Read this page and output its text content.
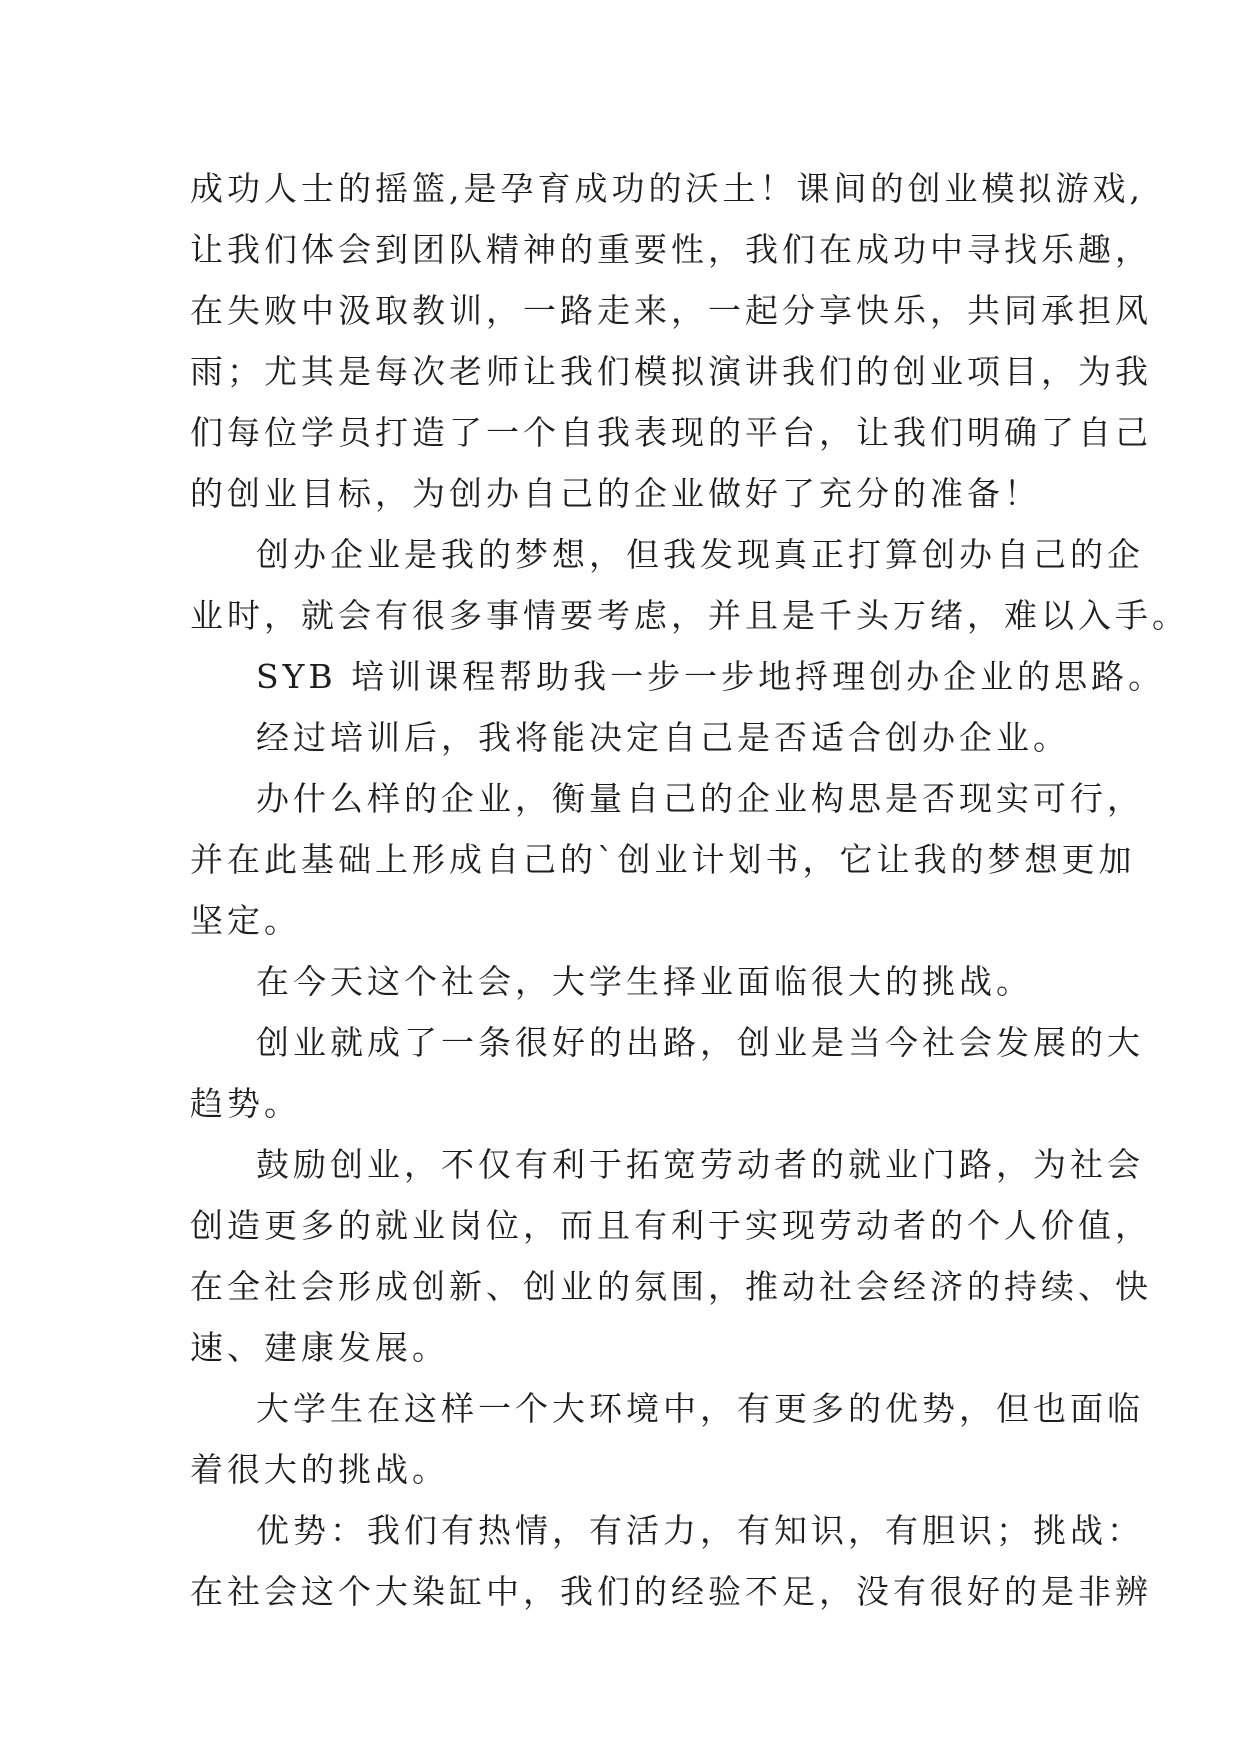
成功人士的摇篮,是孕育成功的沃土！课间的创业模拟游戏,
让我们体会到团队精神的重要性，我们在成功中寻找乐趣，
在失败中汲取教训，一路走来，一起分享快乐，共同承担风
雨；尤其是每次老师让我们模拟演讲我们的创业项目，为我
们每位学员打造了一个自我表现的平台，让我们明确了自己
的创业目标，为创办自己的企业做好了充分的准备！
创办企业是我的梦想，但我发现真正打算创办自己的企
业时，就会有很多事情要考虑，并且是千头万绪，难以入手。
SYB 培训课程帮助我一步一步地捋理创办企业的思路。
经过培训后，我将能决定自己是否适合创办企业。
办什么样的企业，衡量自己的企业构思是否现实可行，
并在此基础上形成自己的`创业计划书，它让我的梦想更加
坚定。
在今天这个社会，大学生择业面临很大的挑战。
创业就成了一条很好的出路，创业是当今社会发展的大
趋势。
鼓励创业，不仅有利于拓宽劳动者的就业门路，为社会
创造更多的就业岗位，而且有利于实现劳动者的个人价值，
在全社会形成创新、创业的氛围，推动社会经济的持续、快
速、建康发展。
大学生在这样一个大环境中，有更多的优势，但也面临
着很大的挑战。
优势：我们有热情，有活力，有知识，有胆识；挑战：
在社会这个大染缸中，我们的经验不足，没有很好的是非辨
